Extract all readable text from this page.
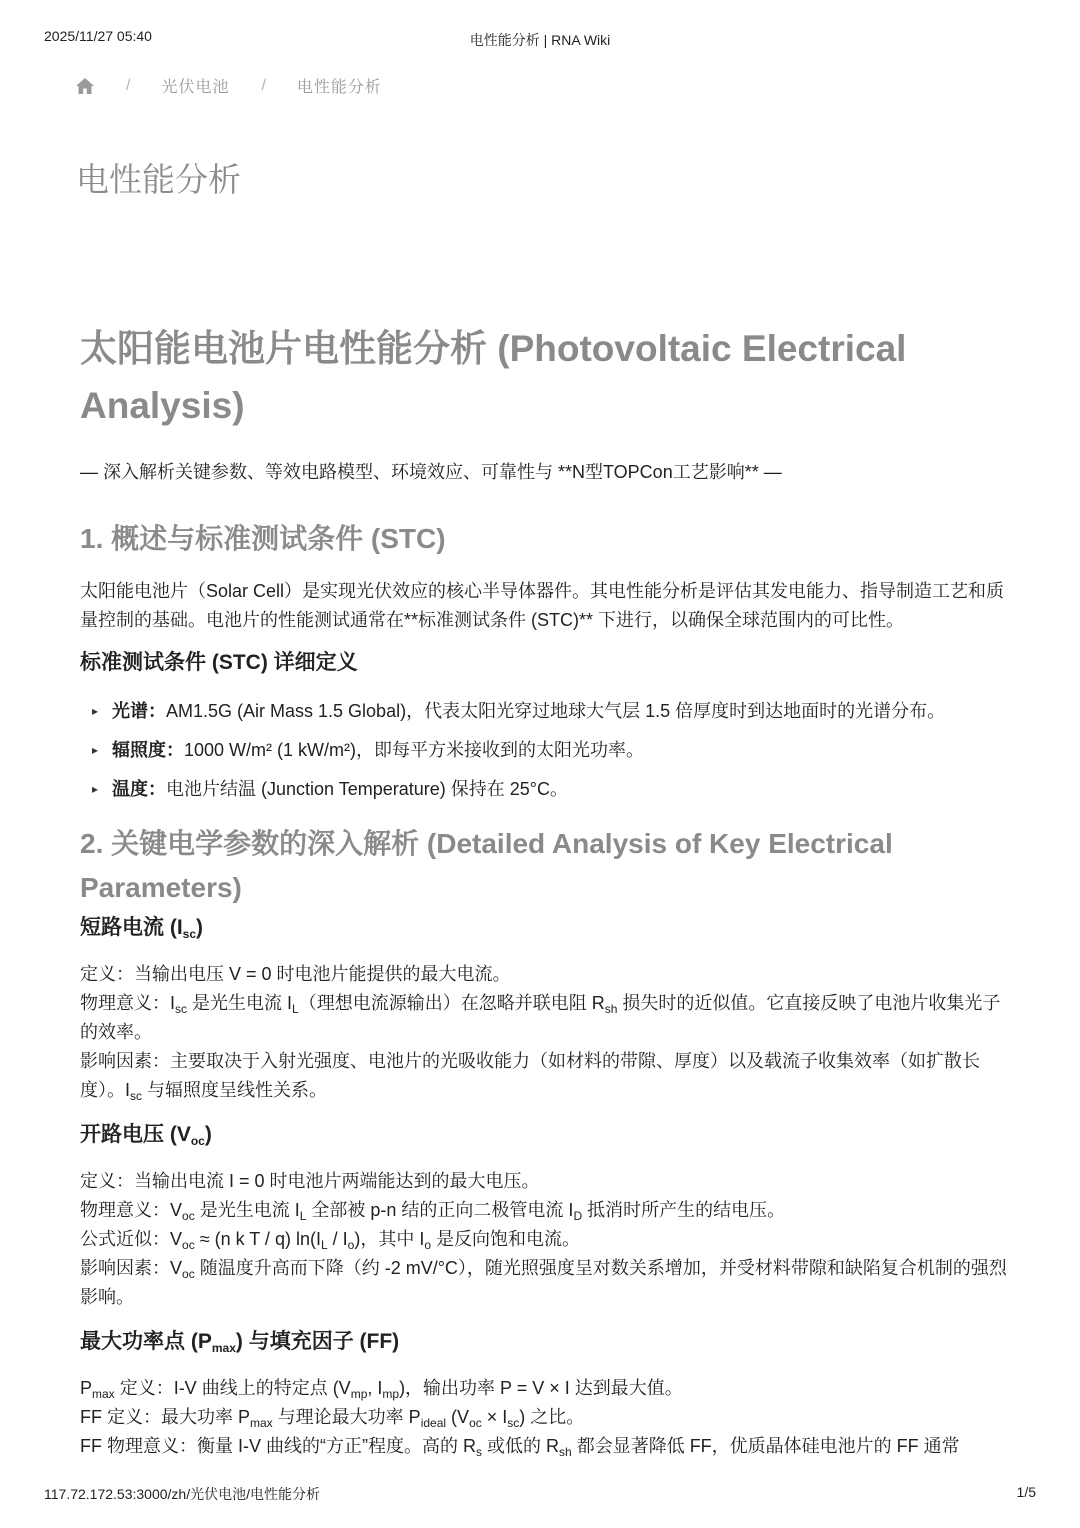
2025/11/27 05:40	电性能分析 | RNA Wiki
/ 光伏电池 / 电性能分析
电性能分析
太阳能电池片电性能分析 (Photovoltaic Electrical Analysis)

— 深入解析关键参数、等效电路模型、环境效应、可靠性与 **N型TOPCon工艺影响** —

1. 概述与标准测试条件 (STC)

太阳能电池片（Solar Cell）是实现光伏效应的核心半导体器件。其电性能分析是评估其发电能力、指导制造工艺和质量控制的基础。电池片的性能测试通常在**标准测试条件 (STC)** 下进行，以确保全球范围内的可比性。

标准测试条件 (STC) 详细定义
▸ 光谱：AM1.5G (Air Mass 1.5 Global)，代表太阳光穿过地球大气层 1.5 倍厚度时到达地面时的光谱分布。
▸ 辐照度：1000 W/m² (1 kW/m²)，即每平方米接收到的太阳光功率。
▸ 温度：电池片结温 (Junction Temperature) 保持在 25°C。
2. 关键电学参数的深入解析 (Detailed Analysis of Key Electrical Parameters)
短路电流 $(I_{sc})$

定义：当输出电压 V = 0 时电池片能提供的最大电流。

物理意义：$I_{sc}$ 是光生电流 $I_L$（理想电流源输出）在忽略并联电阻 $R_{sh}$ 损失时的近似值。它直接反映了电池片收集光子的效率。

影响因素：主要取决于入射光强度、电池片的光吸收能力（如材料的带隙、厚度）以及载流子收集效率（如扩散长度）。$I_{sc}$ 与辐照度呈线性关系。

开路电压 $(V_{oc})$

定义：当输出电流 I = 0 时电池片两端能达到的最大电压。

物理意义：$V_{oc}$ 是光生电流 $I_L$ 全部被 p-n 结的正向二极管电流 $I_D$ 抵消时所产生的结电压。

公式近似：$V_{oc} \approx (n$ k T / q) $\ln(I_L / I_o)$，其中 $I_o$ 是反向饱和电流。

影响因素：$V_{oc}$ 随温度升高而下降（约 -2 mV/°C），随光照强度呈对数关系增加，并受材料带隙和缺陷复合机制的强烈影响。

最大功率点 $(P_{max})$ 与填充因子 (FF)

$P_{max}$ 定义：I-V 曲线上的特定点 ($V_{mp}$, $I_{mp}$)，输出功率 P = V × I 达到最大值。

FF 定义：最大功率 $P_{max}$ 与理论最大功率 $P_{ideal}$ $(V_{oc} \times I_{sc})$ 之比。

FF 物理意义：衡量 I-V 曲线的“方正”程度。高的 $R_s$ 或低的 $R_{sh}$ 都会显著降低 FF，优质晶体硅电池片的 FF 通常

117.72.172.53:3000/zh/光伏电池/电性能分析	1/5
